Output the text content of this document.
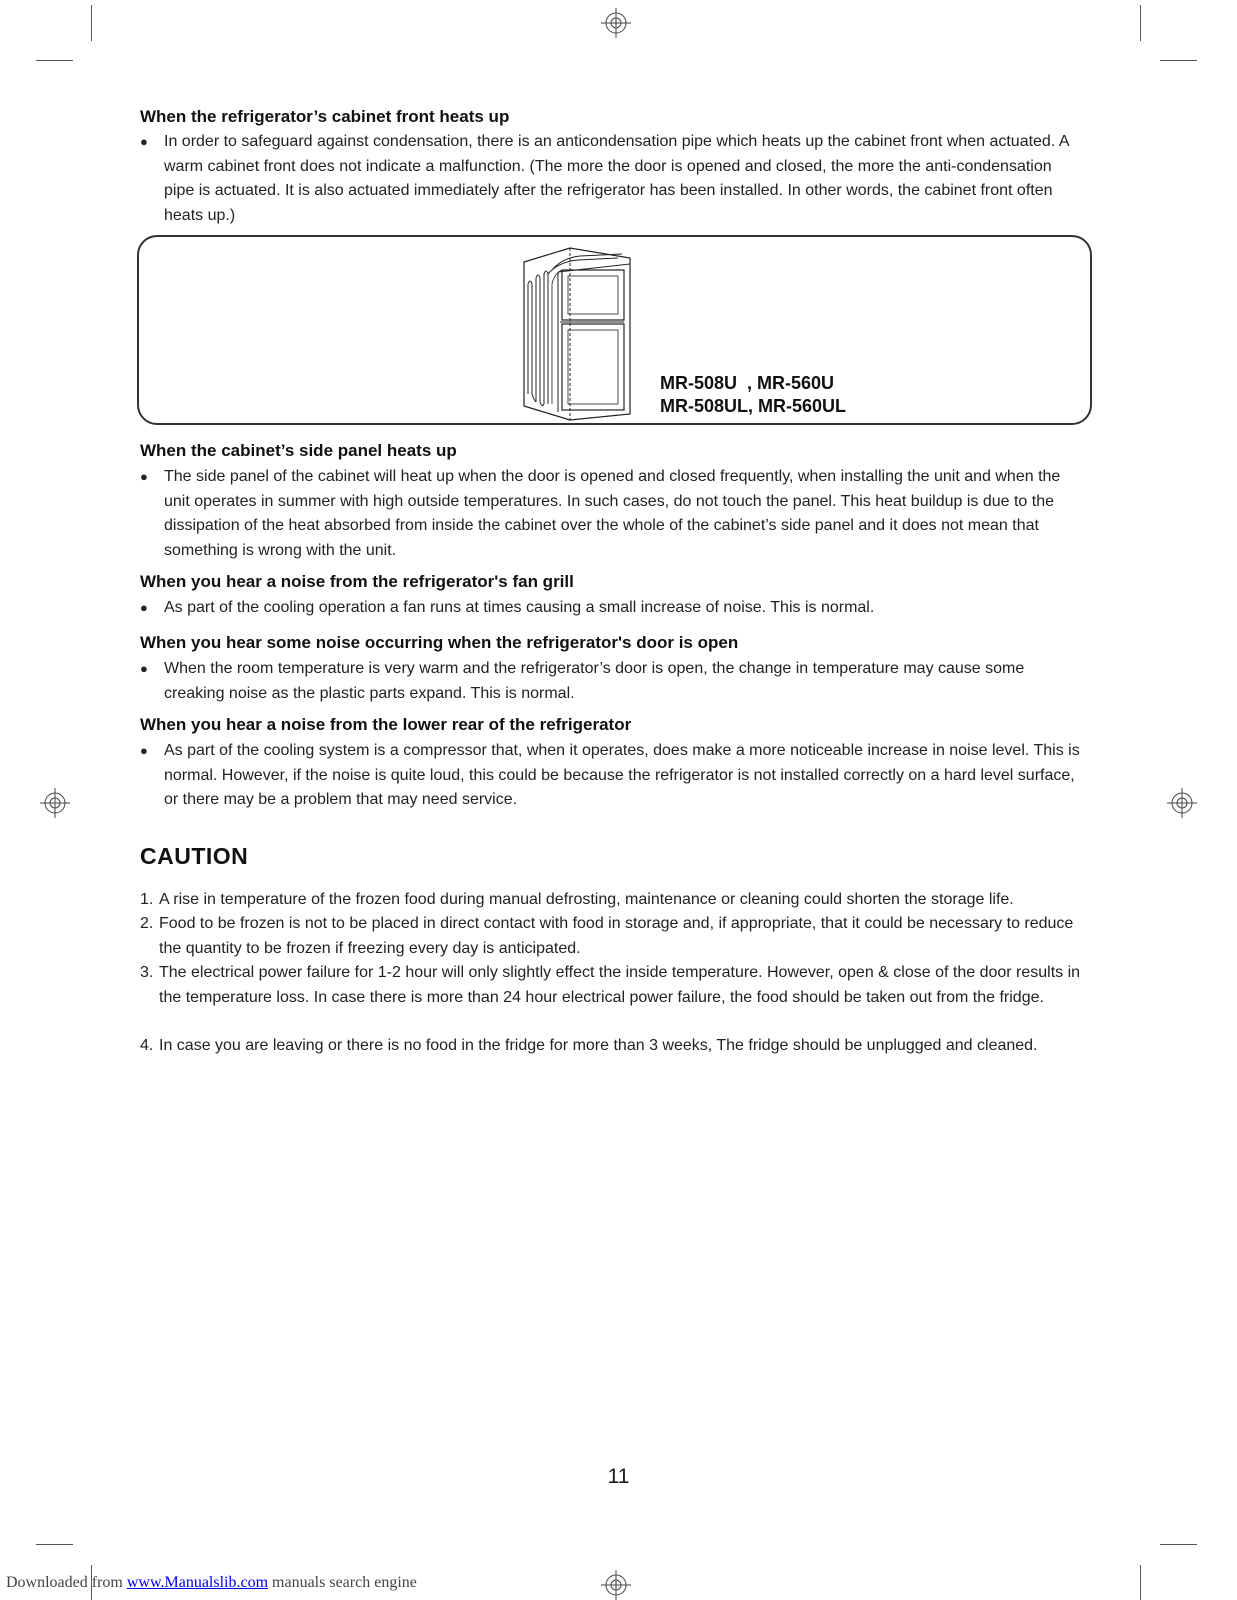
When the refrigerator’s cabinet front heats up
● In order to safeguard against condensation, there is an anticondensation pipe which heats up the cabinet front when actuated. A warm cabinet front does not indicate a malfunction. (The more the door is opened and closed, the more the anti-condensation pipe is actuated. It is also actuated immediately after the refrigerator has been installed. In other words, the cabinet front often heats up.)
MR-508U  , MR-560U
MR-508UL, MR-560UL
When the cabinet’s side panel heats up
● The side panel of the cabinet will heat up when the door is opened and closed frequently, when installing the unit and when the unit operates in summer with high outside temperatures. In such cases, do not touch the panel. This heat buildup is due to the dissipation of the heat absorbed from inside the cabinet over the whole of the cabinet’s side panel and it does not mean that something is wrong with the unit.
When you hear a noise from the refrigerator's fan grill
● As part of the cooling operation a fan runs at times causing a small increase of noise. This is normal.
When you hear some noise occurring when the refrigerator's door is open
● When the room temperature is very warm and the refrigerator’s door is open, the change in temperature may cause some creaking noise as the plastic parts expand. This is normal.
When you hear a noise from the lower rear of the refrigerator
● As part of the cooling system is a compressor that, when it operates, does make a more noticeable increase in noise level. This is normal. However, if the noise is quite loud, this could be because the refrigerator is not installed correctly on a hard level surface, or there may be a problem that may need service.
CAUTION
1. A rise in temperature of the frozen food during manual defrosting, maintenance or cleaning could shorten the storage life.
2. Food to be frozen is not to be placed in direct contact with food in storage and, if appropriate, that it could be necessary to reduce the quantity to be frozen if freezing every day is anticipated.
3. The electrical power failure for 1-2 hour will only slightly effect the inside temperature. However, open & close of the door results in the temperature loss. In case there is more than 24 hour electrical power failure, the food should be taken out from the fridge.
4. In case you are leaving or there is no food in the fridge for more than 3 weeks, The fridge should be unplugged and cleaned.
11
Downloaded from www.Manualslib.com manuals search engine
